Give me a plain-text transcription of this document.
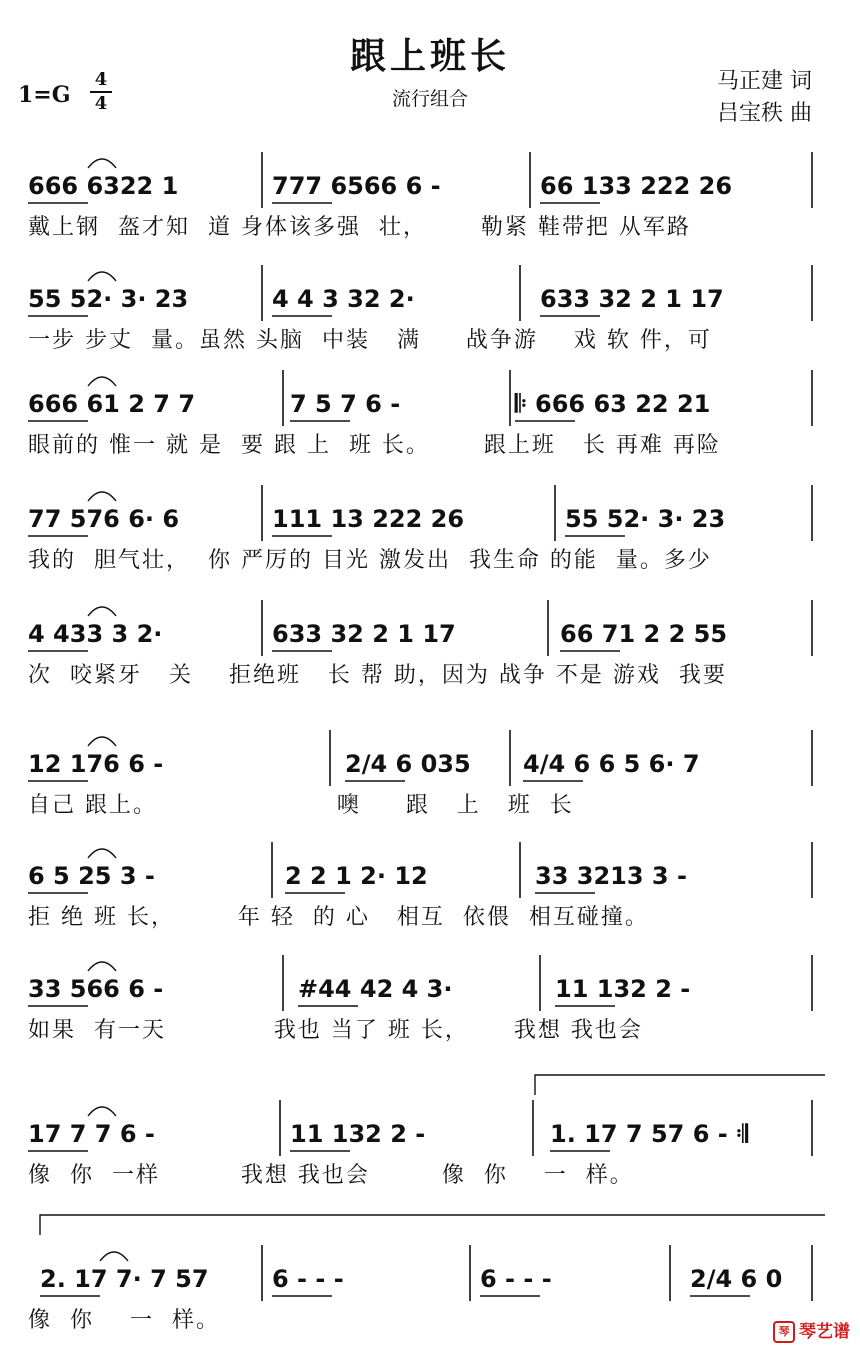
跟上班长
流行组合
1=G
4
4
马正建 词
吕宝秩 曲
666 6322 1	777 6566 6 -	66 133 222 26
戴上钢  盔才知  道 身体该多强  壮，      勒紧 鞋带把 从军路
55 52· 3· 23	4 4 3 32 2·	633 32 2 1 17
一步 步丈  量。虽然 头脑  中装   满     战争游    戏 软 件，可
666 61 2 7 7	7 5 7 6 -	𝄆 666 63 22 21
眼前的 惟一 就 是  要 跟 上  班 长。      跟上班   长 再难 再险
77 576 6· 6	111 13 222 26	55 52· 3· 23
我的  胆气壮，  你 严厉的 目光 激发出  我生命 的能  量。多少
4 433 3 2·	633 32 2 1 17	66 71 2 2 55
次  咬紧牙   关    拒绝班   长 帮 助，因为 战争 不是 游戏  我要
12 176 6 -	2/4 6 035 4/4 6 6 5 6· 7
自己 跟上。                    噢     跟   上   班  长
6 5 25 3 -	2 2 1 2· 12	33 3213 3 -
拒 绝 班 长，       年 轻  的 心   相互  依偎  相互碰撞。
33 566 6 -	#44 42 4 3·	11 132 2 -
如果  有一天            我也 当了 班 长，     我想 我也会
17 7 7 6 -	11 132 2 -	1. 17 7 57 6 - 𝄇
像  你  一样         我想 我也会        像  你    一  样。
2. 17 7· 7 57	6 - - -	6 - - -	2/4 6 0
像  你    一  样。	琴 琴艺谱
